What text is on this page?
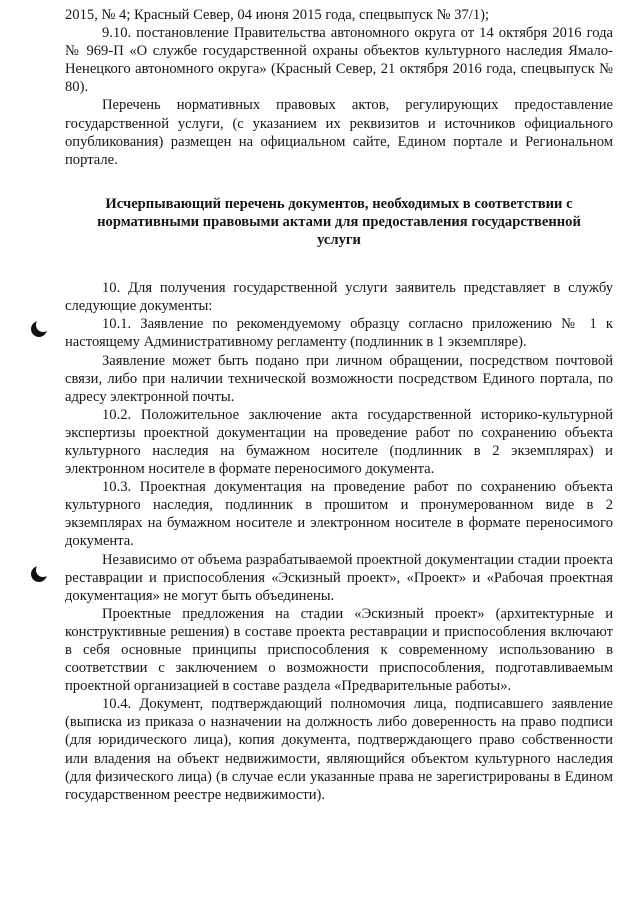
2015, № 4; Красный Север, 04 июня 2015 года, спецвыпуск № 37/1);

9.10. постановление Правительства автономного округа от 14 октября 2016 года № 969-П «О службе государственной охраны объектов культурного наследия Ямало-Ненецкого автономного округа» (Красный Север, 21 октября 2016 года, спецвыпуск № 80).

Перечень нормативных правовых актов, регулирующих предоставление государственной услуги, (с указанием их реквизитов и источников официального опубликования) размещен на официальном сайте, Едином портале и Региональном портале.

Исчерпывающий перечень документов, необходимых в соответствии с нормативными правовыми актами для предоставления государственной услуги

10. Для получения государственной услуги заявитель представляет в службу следующие документы:

10.1. Заявление по рекомендуемому образцу согласно приложению № 1 к настоящему Административному регламенту (подлинник в 1 экземпляре).

Заявление может быть подано при личном обращении, посредством почтовой связи, либо при наличии технической возможности посредством Единого портала, по адресу электронной почты.

10.2. Положительное заключение акта государственной историко-культурной экспертизы проектной документации на проведение работ по сохранению объекта культурного наследия на бумажном носителе (подлинник в 2 экземплярах) и электронном носителе в формате переносимого документа.

10.3. Проектная документация на проведение работ по сохранению объекта культурного наследия, подлинник в прошитом и пронумерованном виде в 2 экземплярах на бумажном носителе и электронном носителе в формате переносимого документа.

Независимо от объема разрабатываемой проектной документации стадии проекта реставрации и приспособления «Эскизный проект», «Проект» и «Рабочая проектная документация» не могут быть объединены.

Проектные предложения на стадии «Эскизный проект» (архитектурные и конструктивные решения) в составе проекта реставрации и приспособления включают в себя основные принципы приспособления к современному использованию в соответствии с заключением о возможности приспособления, подготавливаемым проектной организацией в составе раздела «Предварительные работы».

10.4. Документ, подтверждающий полномочия лица, подписавшего заявление (выписка из приказа о назначении на должность либо доверенность на право подписи (для юридического лица), копия документа, подтверждающего право собственности или владения на объект недвижимости, являющийся объектом культурного наследия (для физического лица) (в случае если указанные права не зарегистрированы в Едином государственном реестре недвижимости).
